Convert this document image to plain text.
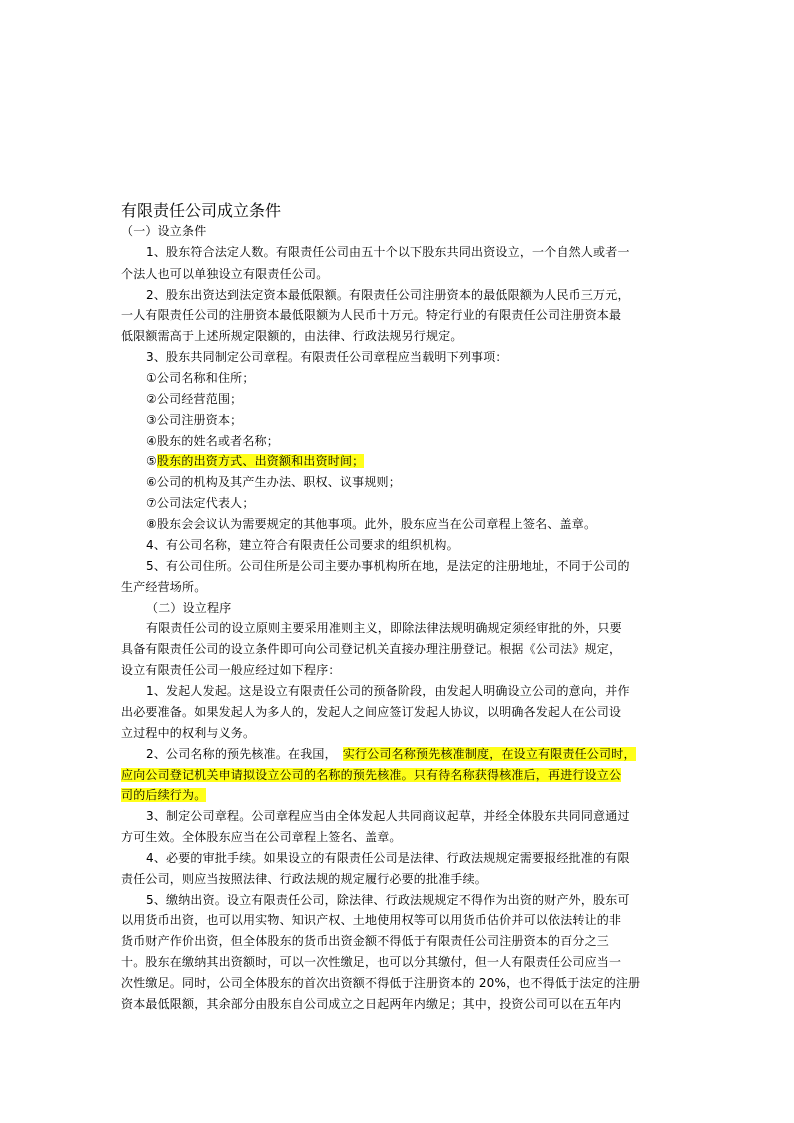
有限责任公司成立条件
（一）设立条件
1、股东符合法定人数。有限责任公司由五十个以下股东共同出资设立，一个自然人或者一
个法人也可以单独设立有限责任公司。
2、股东出资达到法定资本最低限额。有限责任公司注册资本的最低限额为人民币三万元，
一人有限责任公司的注册资本最低限额为人民币十万元。特定行业的有限责任公司注册资本最
低限额需高于上述所规定限额的，由法律、行政法规另行规定。
3、股东共同制定公司章程。有限责任公司章程应当载明下列事项：
①公司名称和住所；
②公司经营范围；
③公司注册资本；
④股东的姓名或者名称；
⑤股东的出资方式、出资额和出资时间；
⑥公司的机构及其产生办法、职权、议事规则；
⑦公司法定代表人；
⑧股东会会议认为需要规定的其他事项。此外，股东应当在公司章程上签名、盖章。
4、有公司名称，建立符合有限责任公司要求的组织机构。
5、有公司住所。公司住所是公司主要办事机构所在地，是法定的注册地址，不同于公司的
生产经营场所。
（二）设立程序
有限责任公司的设立原则主要采用准则主义，即除法律法规明确规定须经审批的外，只要
具备有限责任公司的设立条件即可向公司登记机关直接办理注册登记。根据《公司法》规定，
设立有限责任公司一般应经过如下程序：
1、发起人发起。这是设立有限责任公司的预备阶段，由发起人明确设立公司的意向，并作
出必要准备。如果发起人为多人的，发起人之间应签订发起人协议，以明确各发起人在公司设
立过程中的权利与义务。
2、公司名称的预先核准。在我国， 实行公司名称预先核准制度，在设立有限责任公司时，
应向公司登记机关申请拟设立公司的名称的预先核准。只有待名称获得核准后，再进行设立公
司的后续行为。
3、制定公司章程。公司章程应当由全体发起人共同商议起草，并经全体股东共同同意通过
方可生效。全体股东应当在公司章程上签名、盖章。
4、必要的审批手续。如果设立的有限责任公司是法律、行政法规规定需要报经批准的有限
责任公司，则应当按照法律、行政法规的规定履行必要的批准手续。
5、缴纳出资。设立有限责任公司，除法律、行政法规规定不得作为出资的财产外，股东可
以用货币出资，也可以用实物、知识产权、土地使用权等可以用货币估价并可以依法转让的非
货币财产作价出资，但全体股东的货币出资金额不得低于有限责任公司注册资本的百分之三
十。股东在缴纳其出资额时，可以一次性缴足，也可以分其缴付，但一人有限责任公司应当一
次性缴足。同时，公司全体股东的首次出资额不得低于注册资本的 20%，也不得低于法定的注册
资本最低限额，其余部分由股东自公司成立之日起两年内缴足；其中，投资公司可以在五年内
